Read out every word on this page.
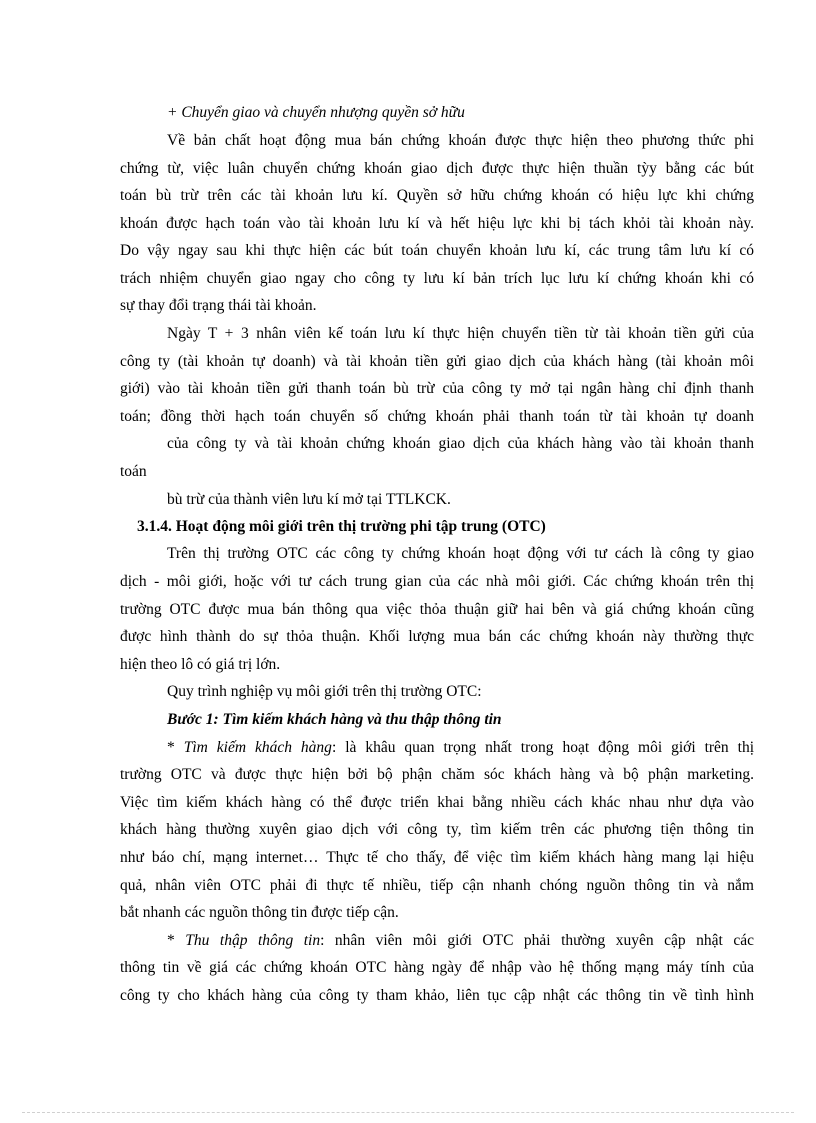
+ Chuyển giao và chuyển nhượng quyền sở hữu
Về bản chất hoạt động mua bán chứng khoán được thực hiện theo phương thức phi
chứng từ, việc luân chuyển chứng khoán giao dịch được thực hiện thuần tỳy bằng các bút
toán bù trừ trên các tài khoản lưu kí. Quyền sở hữu chứng khoán có hiệu lực khi chứng
khoán được hạch toán vào tài khoản lưu kí và hết hiệu lực khi bị tách khỏi tài khoản này.
Do vậy ngay sau khi thực hiện các bút toán chuyển khoản lưu kí, các trung tâm lưu kí có
trách nhiệm chuyển giao ngay cho công ty lưu kí bản trích lục lưu kí chứng khoán khi có
sự thay đổi trạng thái tài khoản.
Ngày T + 3 nhân viên kế toán lưu kí thực hiện chuyển tiền từ tài khoản tiền gửi của
công ty (tài khoản tự doanh) và tài khoản tiền gửi giao dịch của khách hàng (tài khoản môi
giới) vào tài khoản tiền gửi thanh toán bù trừ của công ty mở tại ngân hàng chỉ định thanh
toán; đồng thời hạch toán chuyển số chứng khoán phải thanh toán từ tài khoản tự doanh
của công ty và tài khoản chứng khoán giao dịch của khách hàng vào tài khoản thanh
toán
bù trừ của thành viên lưu kí mở tại TTLKCK.
3.1.4. Hoạt động môi giới trên thị trường phi tập trung (OTC)
Trên thị trường OTC các công ty chứng khoán hoạt động với tư cách là công ty giao
dịch - môi giới, hoặc với tư cách trung gian của các nhà môi giới. Các chứng khoán trên thị
trường OTC được mua bán thông qua việc thỏa thuận giữ hai bên và giá chứng khoán cũng
được hình thành do sự thỏa thuận. Khối lượng mua bán các chứng khoán này thường thực
hiện theo lô có giá trị lớn.
Quy trình nghiệp vụ môi giới trên thị trường OTC:
Bước 1: Tìm kiếm khách hàng và thu thập thông tin
* Tìm kiếm khách hàng: là khâu quan trọng nhất trong hoạt động môi giới trên thị
trường OTC và được thực hiện bởi bộ phận chăm sóc khách hàng và bộ phận marketing.
Việc tìm kiếm khách hàng có thể được triển khai bằng nhiều cách khác nhau như dựa vào
khách hàng thường xuyên giao dịch với công ty, tìm kiếm trên các phương tiện thông tin
như báo chí, mạng internet… Thực tế cho thấy, để việc tìm kiếm khách hàng mang lại hiệu
quả, nhân viên OTC phải đi thực tế nhiều, tiếp cận nhanh chóng nguồn thông tin và nắm
bắt nhanh các nguồn thông tin được tiếp cận.
* Thu thập thông tin: nhân viên môi giới OTC phải thường xuyên cập nhật các
thông tin về giá các chứng khoán OTC hàng ngày để nhập vào hệ thống mạng máy tính của
công ty cho khách hàng của công ty tham khảo, liên tục cập nhật các thông tin về tình hình
